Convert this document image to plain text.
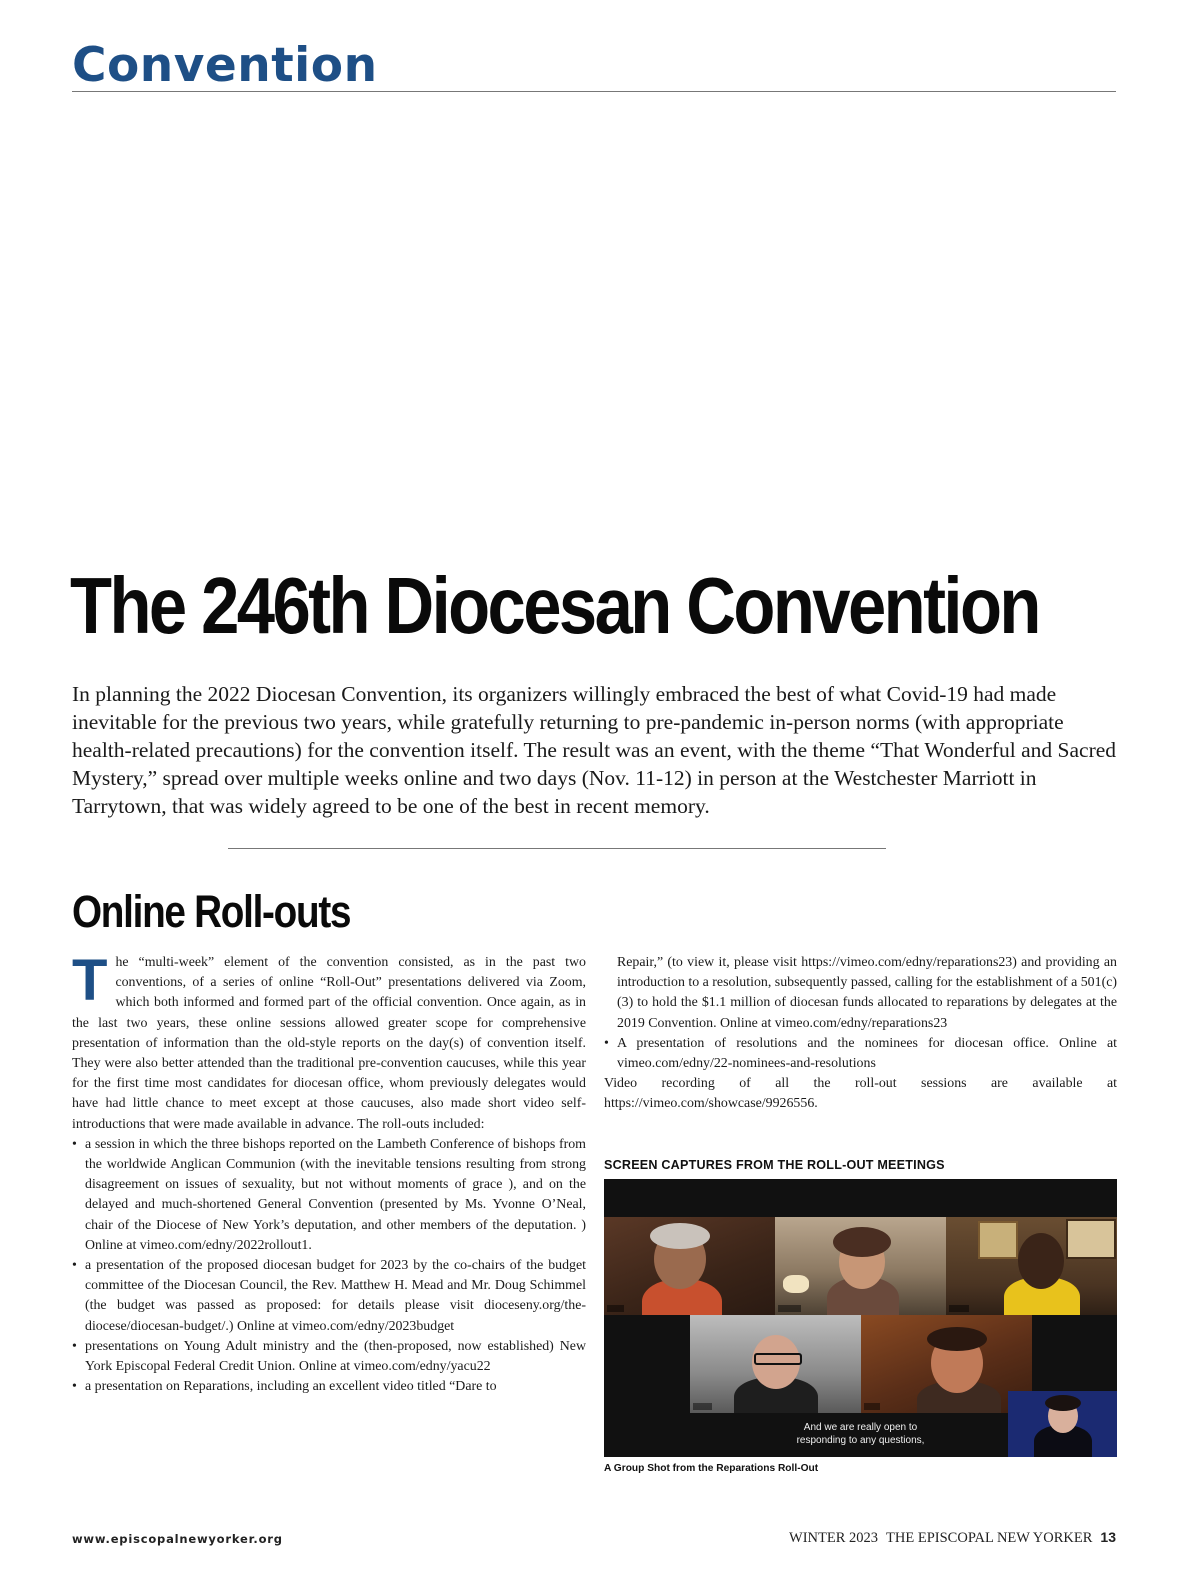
Convention
The 246th Diocesan Convention
In planning the 2022 Diocesan Convention, its organizers willingly embraced the best of what Covid-19 had made inevitable for the previous two years, while gratefully returning to pre-pandemic in-person norms (with appropriate health-related precautions) for the convention itself. The result was an event, with the theme “That Wonderful and Sacred Mystery,” spread over multiple weeks online and two days (Nov. 11-12) in person at the Westchester Marriott in Tarrytown, that was widely agreed to be one of the best in recent memory.
Online Roll-outs

The “multi-week” element of the convention consisted, as in the past two conventions, of a series of online “Roll-Out” presentations delivered via Zoom, which both informed and formed part of the official convention. Once again, as in the last two years, these online sessions allowed greater scope for comprehensive presentation of information than the old-style reports on the day(s) of convention itself. They were also better attended than the traditional pre-convention caucuses, while this year for the first time most candidates for diocesan office, whom previously delegates would have had little chance to meet except at those caucuses, also made short video self-introductions that were made available in advance. The roll-outs included:

• a session in which the three bishops reported on the Lambeth Conference of bishops from the worldwide Anglican Communion (with the inevitable tensions resulting from strong disagreement on issues of sexuality, but not without moments of grace ), and on the delayed and much-shortened General Convention (presented by Ms. Yvonne O’Neal, chair of the Diocese of New York’s deputation, and other members of the deputation. ) Online at vimeo.com/edny/2022rollout1.
• a presentation of the proposed diocesan budget for 2023 by the co-chairs of the budget committee of the Diocesan Council, the Rev. Matthew H. Mead and Mr. Doug Schimmel (the budget was passed as proposed: for details please visit dioceseny.org/the-diocese/diocesan-budget/.) Online at vimeo.com/edny/2023budget
• presentations on Young Adult ministry and the (then-proposed, now established) New York Episcopal Federal Credit Union. Online at vimeo.com/edny/yacu22
• a presentation on Reparations, including an excellent video titled “Dare to

Repair,” (to view it, please visit https://vimeo.com/edny/reparations23) and providing an introduction to a resolution, subsequently passed, calling for the establishment of a 501(c)(3) to hold the $1.1 million of diocesan funds allocated to reparations by delegates at the 2019 Convention. Online at vimeo.com/edny/reparations23

• A presentation of resolutions and the nominees for diocesan office. Online at vimeo.com/edny/22-nominees-and-resolutions

Video recording of all the roll-out sessions are available at https://vimeo.com/showcase/9926556.

SCREEN CAPTURES FROM THE ROLL-OUT MEETINGS

And we are really open to
responding to any questions,
A Group Shot from the Reparations Roll-Out
www.episcopalnewyorker.org	WINTER 2023 THE EPISCOPAL NEW YORKER 13
